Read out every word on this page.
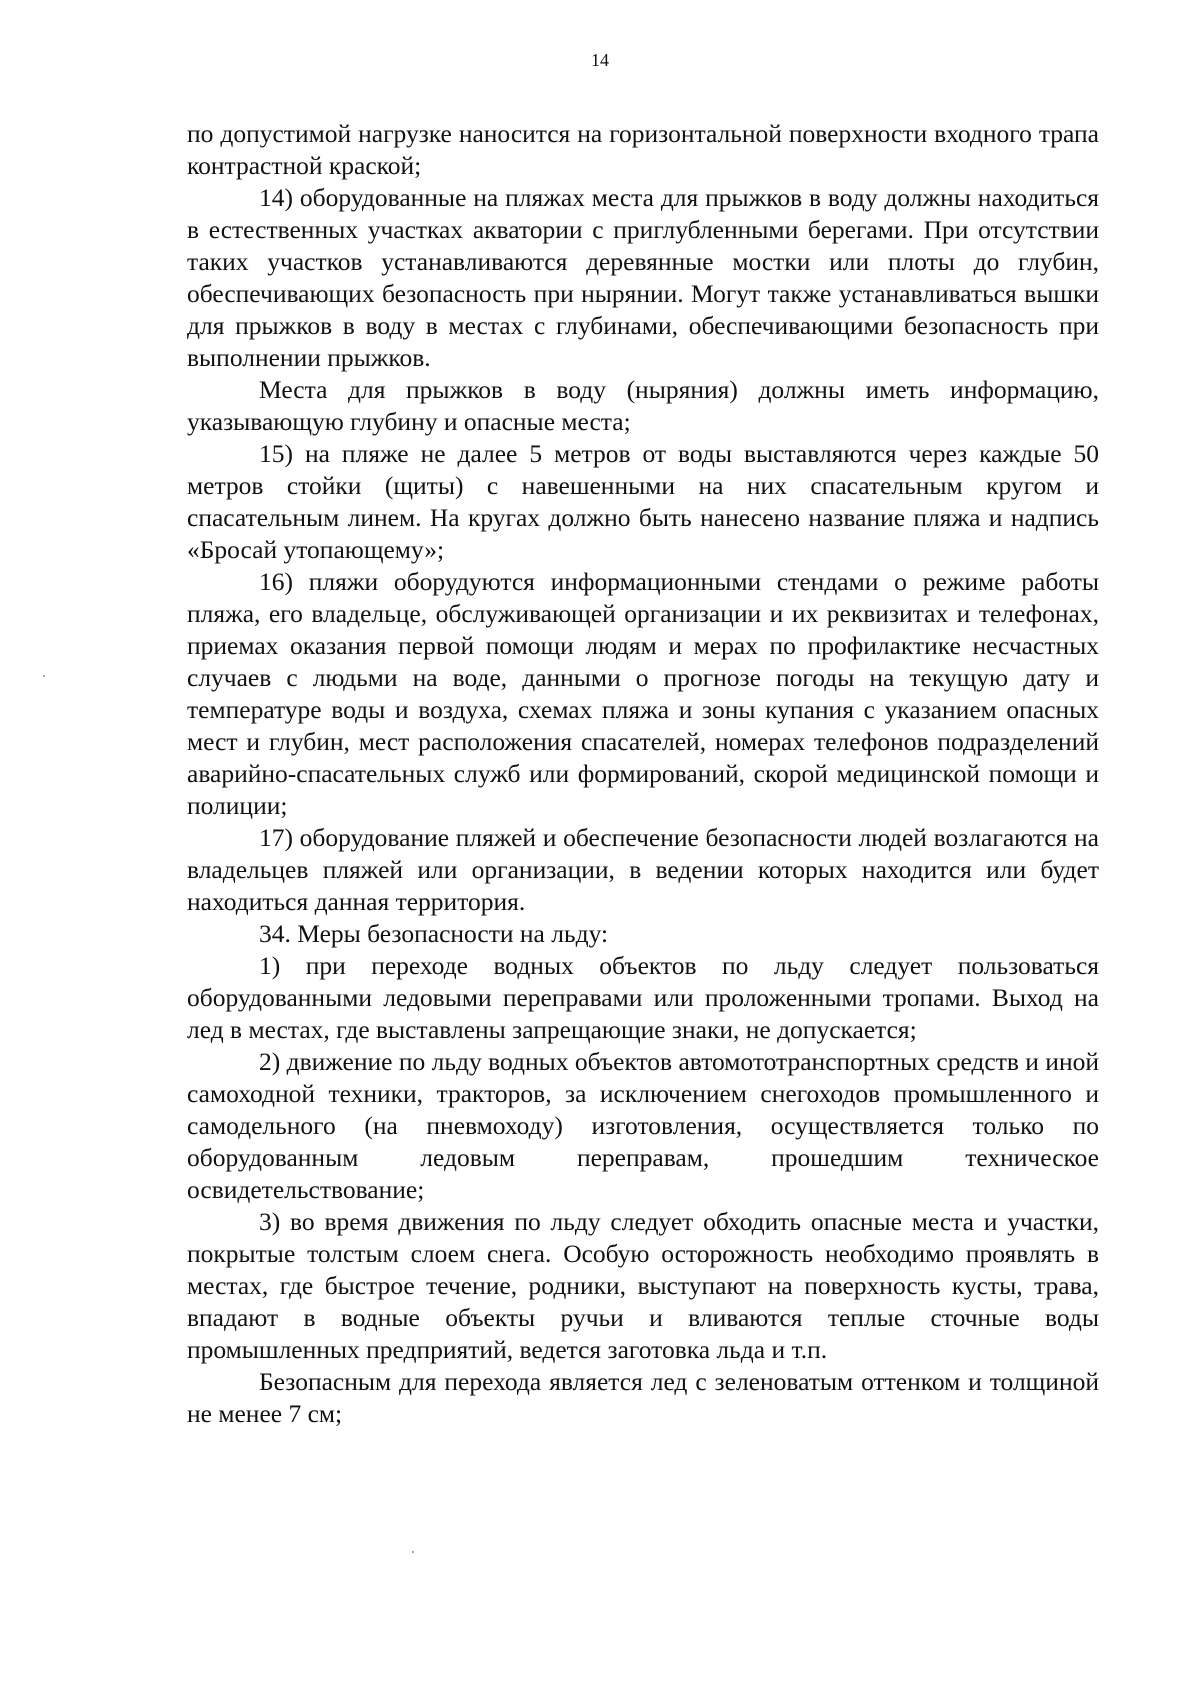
14

по допустимой нагрузке наносится на горизонтальной поверхности входного трапа контрастной краской;

14) оборудованные на пляжах места для прыжков в воду должны находиться в естественных участках акватории с приглубленными берегами. При отсутствии таких участков устанавливаются деревянные мостки или плоты до глубин, обеспечивающих безопасность при нырянии. Могут также устанавливаться вышки для прыжков в воду в местах с глубинами, обеспечивающими безопасность при выполнении прыжков.

Места для прыжков в воду (ныряния) должны иметь информацию, указывающую глубину и опасные места;

15) на пляже не далее 5 метров от воды выставляются через каждые 50 метров стойки (щиты) с навешенными на них спасательным кругом и спасательным линем. На кругах должно быть нанесено название пляжа и надпись «Бросай утопающему»;

16) пляжи оборудуются информационными стендами о режиме работы пляжа, его владельце, обслуживающей организации и их реквизитах и телефонах, приемах оказания первой помощи людям и мерах по профилактике несчастных случаев с людьми на воде, данными о прогнозе погоды на текущую дату и температуре воды и воздуха, схемах пляжа и зоны купания с указанием опасных мест и глубин, мест расположения спасателей, номерах телефонов подразделений аварийно-спасательных служб или формирований, скорой медицинской помощи и полиции;

17) оборудование пляжей и обеспечение безопасности людей возлагаются на владельцев пляжей или организации, в ведении которых находится или будет находиться данная территория.

34. Меры безопасности на льду:

1) при переходе водных объектов по льду следует пользоваться оборудованными ледовыми переправами или проложенными тропами. Выход на лед в местах, где выставлены запрещающие знаки, не допускается;

2) движение по льду водных объектов автомототранспортных средств и иной самоходной техники, тракторов, за исключением снегоходов промышленного и самодельного (на пневмоходу) изготовления, осуществляется только по оборудованным ледовым переправам, прошедшим техническое освидетельствование;

3) во время движения по льду следует обходить опасные места и участки, покрытые толстым слоем снега. Особую осторожность необходимо проявлять в местах, где быстрое течение, родники, выступают на поверхность кусты, трава, впадают в водные объекты ручьи и вливаются теплые сточные воды промышленных предприятий, ведется заготовка льда и т.п.

Безопасным для перехода является лед с зеленоватым оттенком и толщиной не менее 7 см;
